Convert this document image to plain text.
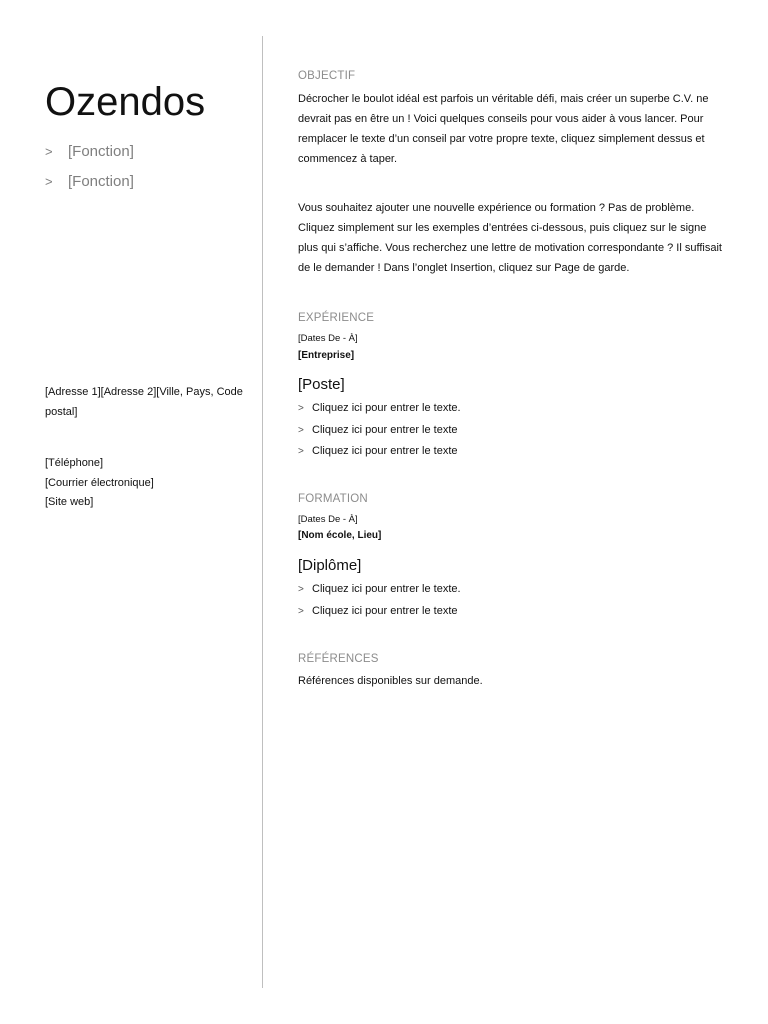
Ozendos
> [Fonction]
> [Fonction]
[Adresse 1][Adresse 2][Ville, Pays, Code postal]
[Téléphone]
[Courrier électronique]
[Site web]
OBJECTIF
Décrocher le boulot idéal est parfois un véritable défi, mais créer un superbe C.V. ne devrait pas en être un ! Voici quelques conseils pour vous aider à vous lancer. Pour remplacer le texte d’un conseil par votre propre texte, cliquez simplement dessus et commencez à taper.
Vous souhaitez ajouter une nouvelle expérience ou formation ? Pas de problème. Cliquez simplement sur les exemples d’entrées ci-dessous, puis cliquez sur le signe plus qui s’affiche. Vous recherchez une lettre de motivation correspondante ? Il suffisait de le demander ! Dans l’onglet Insertion, cliquez sur Page de garde.
EXPÉRIENCE
[Dates De - À]
[Entreprise]
[Poste]
> Cliquez ici pour entrer le texte.
> Cliquez ici pour entrer le texte
> Cliquez ici pour entrer le texte
FORMATION
[Dates De - À]
[Nom école, Lieu]
[Diplôme]
> Cliquez ici pour entrer le texte.
> Cliquez ici pour entrer le texte
RÉFÉRENCES
Références disponibles sur demande.
